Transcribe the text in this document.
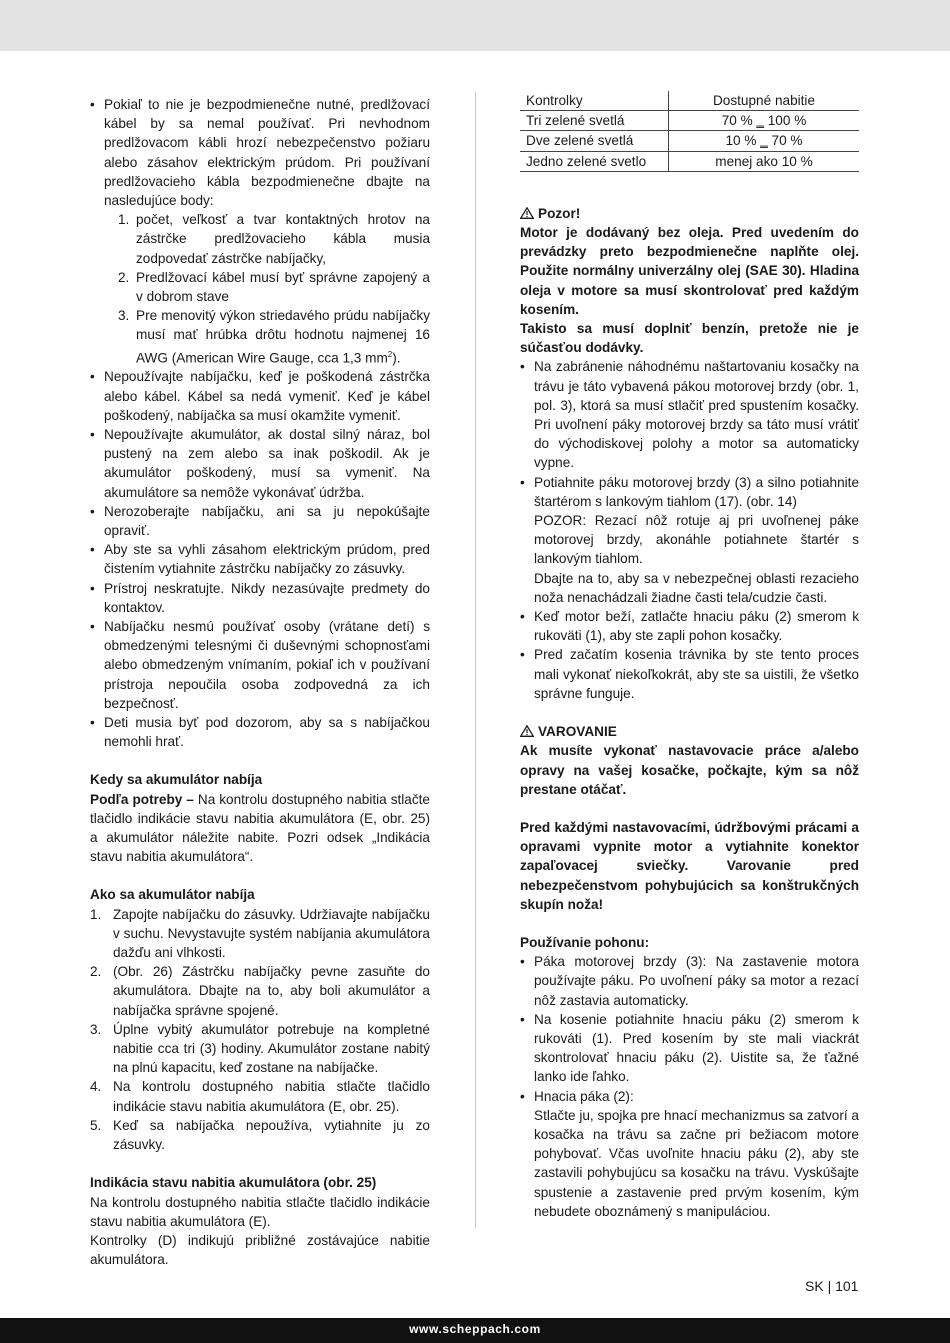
• Pokiaľ to nie je bezpodmienečne nutné, predlžovací kábel by sa nemal používať. Pri nevhodnom predlžovacom kábli hrozí nebezpečenstvo požiaru alebo zásahov elektrickým prúdom. Pri používaní predlžovacieho kábla bezpodmienečne dbajte na nasledujúce body:
1. počet, veľkosť a tvar kontaktných hrotov na zástrčke predlžovacieho kábla musia zodpovedať zástrčke nabíjačky,
2. Predlžovací kábel musí byť správne zapojený a v dobrom stave
3. Pre menovitý výkon striedavého prúdu nabíjačky musí mať hrúbka drôtu hodnotu najmenej 16 AWG (American Wire Gauge, cca 1,3 $mm^2$).
• Nepoužívajte nabíjačku, keď je poškodená zástrčka alebo kábel. Kábel sa nedá vymeniť. Keď je kábel poškodený, nabíjačka sa musí okamžite vymeniť.
• Nepoužívajte akumulátor, ak dostal silný náraz, bol pustený na zem alebo sa inak poškodil. Ak je akumulátor poškodený, musí sa vymeniť. Na akumulátore sa nemôže vykonávať údržba.
• Nerozoberajte nabíjačku, ani sa ju nepokúšajte opraviť.
• Aby ste sa vyhli zásahom elektrickým prúdom, pred čistením vytiahnite zástrčku nabíjačky zo zásuvky.
• Prístroj neskratujte. Nikdy nezasúvajte predmety do kontaktov.
• Nabíjačku nesmú používať osoby (vrátane detí) s obmedzenými telesnými či duševnými schopnosťami alebo obmedzeným vnímaním, pokiaľ ich v používaní prístroja nepoučila osoba zodpovedná za ich bezpečnosť.
• Deti musia byť pod dozorom, aby sa s nabíjačkou nemohli hrať.

Kedy sa akumulátor nabíja

Podľa potreby – Na kontrolu dostupného nabitia stlačte tlačidlo indikácie stavu nabitia akumulátora (E, obr. 25) a akumulátor náležite nabite. Pozri odsek „Indikácia stavu nabitia akumulátora“.

Ako sa akumulátor nabíja

1. Zapojte nabíjačku do zásuvky. Udržiavajte nabíjačku v suchu. Nevystavujte systém nabíjania akumulátora dažďu ani vlhkosti.
2. (Obr. 26) Zástrčku nabíjačky pevne zasuňte do akumulátora. Dbajte na to, aby boli akumulátor a nabíjačka správne spojené.
3. Úplne vybitý akumulátor potrebuje na kompletné nabitie cca tri (3) hodiny. Akumulátor zostane nabitý na plnú kapacitu, keď zostane na nabíjačke.
4. Na kontrolu dostupného nabitia stlačte tlačidlo indikácie stavu nabitia akumulátora (E, obr. 25).
5. Keď sa nabíjačka nepoužíva, vytiahnite ju zo zásuvky.

Indikácia stavu nabitia akumulátora (obr. 25)

Na kontrolu dostupného nabitia stlačte tlačidlo indikácie stavu nabitia akumulátora (E).

Kontrolky (D) indikujú približné zostávajúce nabitie akumulátora.

Kontrolky	Dostupné nabitie
Tri zelené svetlá	70 % ‗ 100 %
Dve zelené svetlá	10 % ‗ 70 %
Jedno zelené svetlo	menej ako 10 %

Pozor!

Motor je dodávaný bez oleja. Pred uvedením do prevádzky preto bezpodmienečne naplňte olej. Použite normálny univerzálny olej (SAE 30). Hladina oleja v motore sa musí skontrolovať pred každým kosením.

Takisto sa musí doplniť benzín, pretože nie je súčasťou dodávky.

• Na zabránenie náhodnému naštartovaniu kosačky na trávu je táto vybavená pákou motorovej brzdy (obr. 1, pol. 3), ktorá sa musí stlačiť pred spustením kosačky. Pri uvoľnení páky motorovej brzdy sa táto musí vrátiť do východiskovej polohy a motor sa automaticky vypne.
• Potiahnite páku motorovej brzdy (3) a silno potiahnite štartérom s lankovým tiahlom (17). (obr. 14)

POZOR: Rezací nôž rotuje aj pri uvoľnenej páke motorovej brzdy, akonáhle potiahnete štartér s lankovým tiahlom.

Dbajte na to, aby sa v nebezpečnej oblasti rezacieho noža nenachádzali žiadne časti tela/cudzie časti.

• Keď motor beží, zatlačte hnaciu páku (2) smerom k rukoväti (1), aby ste zapli pohon kosačky.
• Pred začatím kosenia trávnika by ste tento proces mali vykonať niekoľkokrát, aby ste sa uistili, že všetko správne funguje.

VAROVANIE

Ak musíte vykonať nastavovacie práce a/alebo opravy na vašej kosačke, počkajte, kým sa nôž prestane otáčať.

Pred každými nastavovacími, údržbovými prácami a opravami vypnite motor a vytiahnite konektor zapaľovacej sviečky. Varovanie pred nebezpečenstvom pohybujúcich sa konštrukčných skupín noža!

Používanie pohonu:

• Páka motorovej brzdy (3): Na zastavenie motora používajte páku. Po uvoľnení páky sa motor a rezací nôž zastavia automaticky.
• Na kosenie potiahnite hnaciu páku (2) smerom k rukováti (1). Pred kosením by ste mali viackrát skontrolovať hnaciu páku (2). Uistite sa, že ťažné lanko ide ľahko.
• Hnacia páka (2):

Stlačte ju, spojka pre hnací mechanizmus sa zatvorí a kosačka na trávu sa začne pri bežiacom motore pohybovať. Včas uvoľnite hnaciu páku (2), aby ste zastavili pohybujúcu sa kosačku na trávu. Vyskúšajte spustenie a zastavenie pred prvým kosením, kým nebudete oboznámený s manipuláciou.

SK | 101
www.scheppach.com
